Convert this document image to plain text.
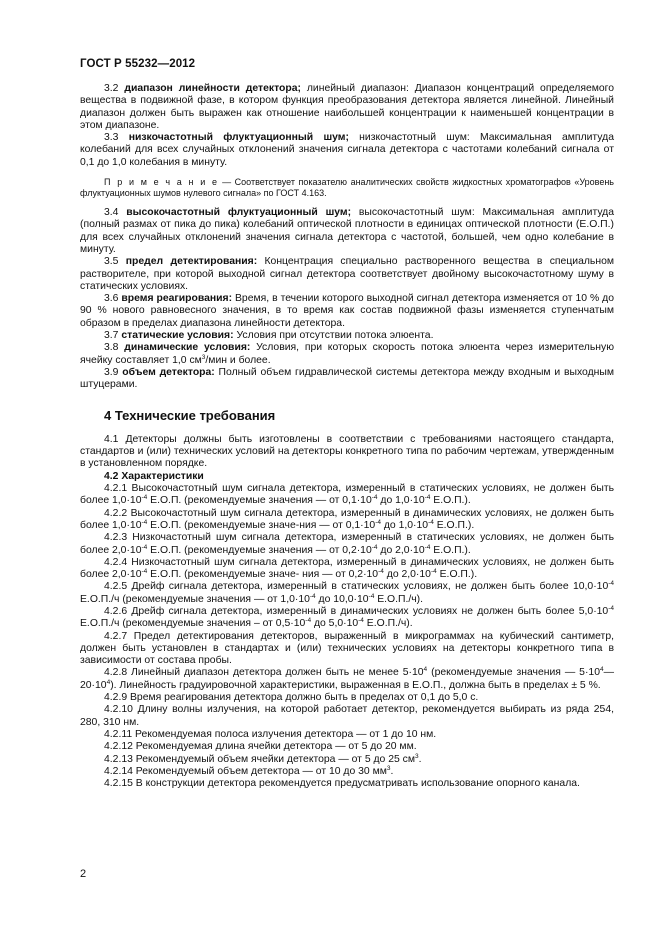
ГОСТ Р 55232—2012

3.2 диапазон линейности детектора; линейный диапазон: Диапазон концентраций определяемого вещества в подвижной фазе, в котором функция преобразования детектора является линейной. Линейный диапазон должен быть выражен как отношение наибольшей концентрации к наименьшей концентрации в этом диапазоне.

3.3 низкочастотный флуктуационный шум; низкочастотный шум: Максимальная амплитуда колебаний для всех случайных отклонений значения сигнала детектора с частотами колебаний сигнала от 0,1 до 1,0 колебания в минуту.

П р и м е ч а н и е — Соответствует показателю аналитических свойств жидкостных хроматографов «Уровень флуктуационных шумов нулевого сигнала» по ГОСТ 4.163.

3.4 высокочастотный флуктуационный шум; высокочастотный шум: Максимальная амплитуда (полный размах от пика до пика) колебаний оптической плотности в единицах оптической плотности (Е.О.П.) для всех случайных отклонений значения сигнала детектора с частотой, большей, чем одно колебание в минуту.

3.5 предел детектирования: Концентрация специально растворенного вещества в специальном растворителе, при которой выходной сигнал детектора соответствует двойному высокочастотному шуму в статических условиях.

3.6 время реагирования: Время, в течении которого выходной сигнал детектора изменяется от 10 % до 90 % нового равновесного значения, в то время как состав подвижной фазы изменяется ступенчатым образом в пределах диапазона линейности детектора.

3.7 статические условия: Условия при отсутствии потока элюента.

3.8 динамические условия: Условия, при которых скорость потока элюента через измерительную ячейку составляет 1,0 $см^3$/мин и более.

3.9 объем детектора: Полный объем гидравлической системы детектора между входным и выходным штуцерами.

4 Технические требования

4.1 Детекторы должны быть изготовлены в соответствии с требованиями настоящего стандарта, стандартов и (или) технических условий на детекторы конкретного типа по рабочим чертежам, утвержденным в установленном порядке.

4.2 Характеристики

4.2.1 Высокочастотный шум сигнала детектора, измеренный в статических условиях, не должен быть более $1,0\cdot 10^{-4}$ Е.О.П. (рекомендуемые значения — от $0,1\cdot 10^{-4}$ до $1,0\cdot 10^{-4}$ Е.О.П.).

4.2.2 Высокочастотный шум сигнала детектора, измеренный в динамических условиях, не должен быть более $1,0\cdot 10^{-4}$ Е.О.П. (рекомендуемые значе-ния — от $0,1\cdot 10^{-4}$ до $1,0\cdot 10^{-4}$ Е.О.П.).

4.2.3 Низкочастотный шум сигнала детектора, измеренный в статических условиях, не должен быть более $2,0\cdot 10^{-4}$ Е.О.П. (рекомендуемые значения — от $0,2\cdot 10^{-4}$ до $2,0\cdot 10^{-4}$ Е.О.П.).

4.2.4 Низкочастотный шум сигнала детектора, измеренный в динамических условиях, не должен быть более $2,0\cdot 10^{-4}$ Е.О.П. (рекомендуемые значе- ния — от $0,2\cdot 10^{-4}$ до $2,0\cdot 10^{-4}$ Е.О.П.).

4.2.5 Дрейф сигнала детектора, измеренный в статических условиях, не должен быть более $10,0\cdot 10^{-4}$ Е.О.П./ч (рекомендуемые значения — от $1,0\cdot 10^{-4}$ до $10,0\cdot 10^{-4}$ Е.О.П./ч).

4.2.6 Дрейф сигнала детектора, измеренный в динамических условиях не должен быть более $5,0\cdot 10^{-4}$ Е.О.П./ч (рекомендуемые значения – от $0,5\cdot 10^{-4}$ до $5,0\cdot 10^{-4}$ Е.О.П./ч).

4.2.7 Предел детектирования детекторов, выраженный в микрограммах на кубический сантиметр, должен быть установлен в стандартах и (или) технических условиях на детекторы конкретного типа в зависимости от состава пробы.

4.2.8 Линейный диапазон детектора должен быть не менее $5\cdot 10^4$ (рекомендуемые значения — $5\cdot 10^4—20\cdot 10^4$). Линейность градуировочной характеристики, выраженная в Е.О.П., должна быть в пределах ± 5 %.

4.2.9 Время реагирования детектора должно быть в пределах от 0,1 до 5,0 с.

4.2.10 Длину волны излучения, на которой работает детектор, рекомендуется выбирать из ряда 254, 280, 310 нм.

4.2.11 Рекомендуемая полоса излучения детектора — от 1 до 10 нм.

4.2.12 Рекомендуемая длина ячейки детектора — от 5 до 20 мм.

4.2.13 Рекомендуемый объем ячейки детектора — от 5 до 25 $см^3$.

4.2.14 Рекомендуемый объем детектора — от 10 до 30 $мм^3$.

4.2.15 В конструкции детектора рекомендуется предусматривать использование опорного канала.

2
